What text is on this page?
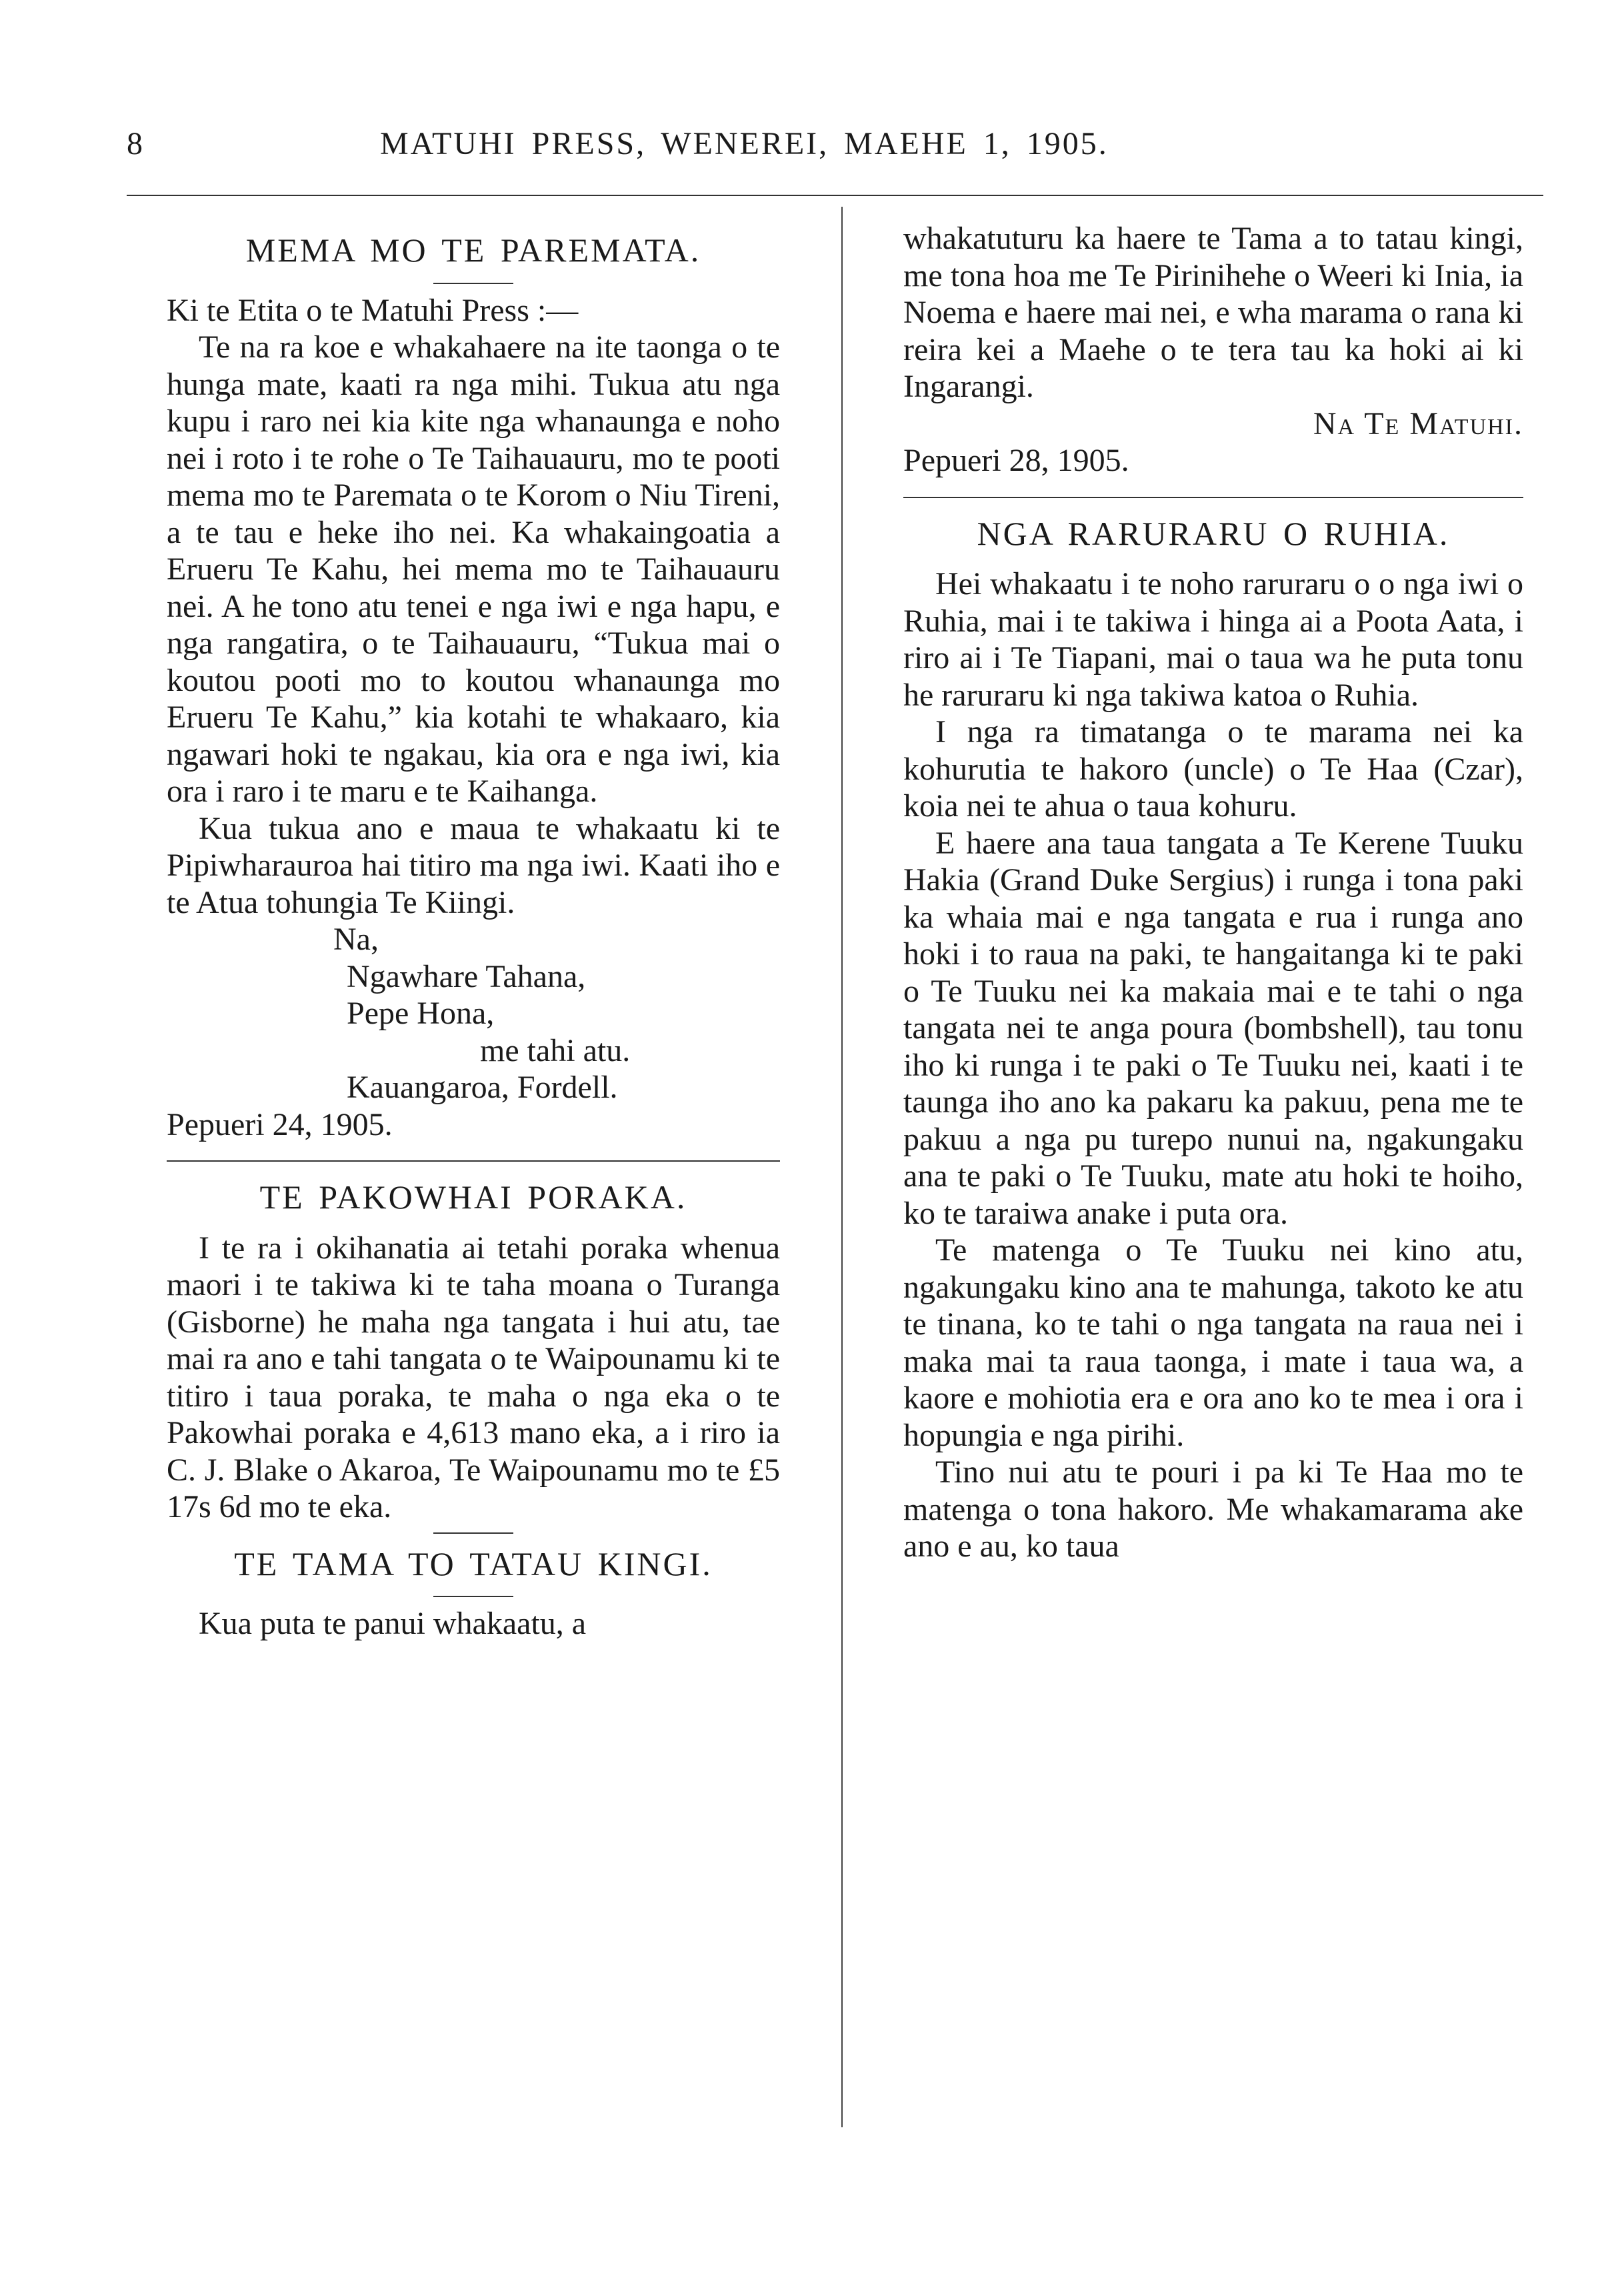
8	MATUHI PRESS, WENEREI, MAEHE 1, 1905.
MEMA MO TE PAREMATA.

Ki te Etita o te Matuhi Press :—

Te na ra koe e whakahaere na ite taonga o te hunga mate, kaati ra nga mihi. Tukua atu nga kupu i raro nei kia kite nga whanaunga e noho nei i roto i te rohe o Te Taihauauru, mo te pooti mema mo te Paremata o te Korom o Niu Tireni, a te tau e heke iho nei. Ka whakaingoatia a Erueru Te Kahu, hei mema mo te Taihauauru nei. A he tono atu tenei e nga iwi e nga hapu, e nga rangatira, o te Taihauauru, “Tukua mai o koutou pooti mo to koutou whanaunga mo Erueru Te Kahu,” kia kotahi te whakaaro, kia ngawari hoki te ngakau, kia ora e nga iwi, kia ora i raro i te maru e te Kaihanga.

Kua tukua ano e maua te whakaatu ki te Pipiwharauroa hai titiro ma nga iwi. Kaati iho e te Atua tohungia Te Kiingi.

Na,

Ngawhare Tahana,

Pepe Hona,

me tahi atu.

Kauangaroa, Fordell.

Pepueri 24, 1905.

TE PAKOWHAI PORAKA.

I te ra i okihanatia ai tetahi poraka whenua maori i te takiwa ki te taha moana o Turanga (Gisborne) he maha nga tangata i hui atu, tae mai ra ano e tahi tangata o te Waipounamu ki te titiro i taua poraka, te maha o nga eka o te Pakowhai poraka e 4,613 mano eka, a i riro ia C. J. Blake o Akaroa, Te Waipounamu mo te £5 17s 6d mo te eka.

TE TAMA TO TATAU KINGI.

Kua puta te panui whakaatu, a

whakatuturu ka haere te Tama a to tatau kingi, me tona hoa me Te Pirinihehe o Weeri ki Inia, ia Noema e haere mai nei, e wha marama o rana ki reira kei a Maehe o te tera tau ka hoki ai ki Ingarangi.

Na Te Matuhi.

Pepueri 28, 1905.

NGA RARURARU O RUHIA.

Hei whakaatu i te noho raruraru o o nga iwi o Ruhia, mai i te takiwa i hinga ai a Poota Aata, i riro ai i Te Tiapani, mai o taua wa he puta tonu he raruraru ki nga takiwa katoa o Ruhia.

I nga ra timatanga o te marama nei ka kohurutia te hakoro (uncle) o Te Haa (Czar), koia nei te ahua o taua kohuru.

E haere ana taua tangata a Te Kerene Tuuku Hakia (Grand Duke Sergius) i runga i tona paki ka whaia mai e nga tangata e rua i runga ano hoki i to raua na paki, te hangaitanga ki te paki o Te Tuuku nei ka makaia mai e te tahi o nga tangata nei te anga poura (bombshell), tau tonu iho ki runga i te paki o Te Tuuku nei, kaati i te taunga iho ano ka pakaru ka pakuu, pena me te pakuu a nga pu turepo nunui na, ngakungaku ana te paki o Te Tuuku, mate atu hoki te hoiho, ko te taraiwa anake i puta ora.

Te matenga o Te Tuuku nei kino atu, ngakungaku kino ana te mahunga, takoto ke atu te tinana, ko te tahi o nga tangata na raua nei i maka mai ta raua taonga, i mate i taua wa, a kaore e mohiotia era e ora ano ko te mea i ora i hopungia e nga pirihi.

Tino nui atu te pouri i pa ki Te Haa mo te matenga o tona hakoro. Me whakamarama ake ano e au, ko taua
